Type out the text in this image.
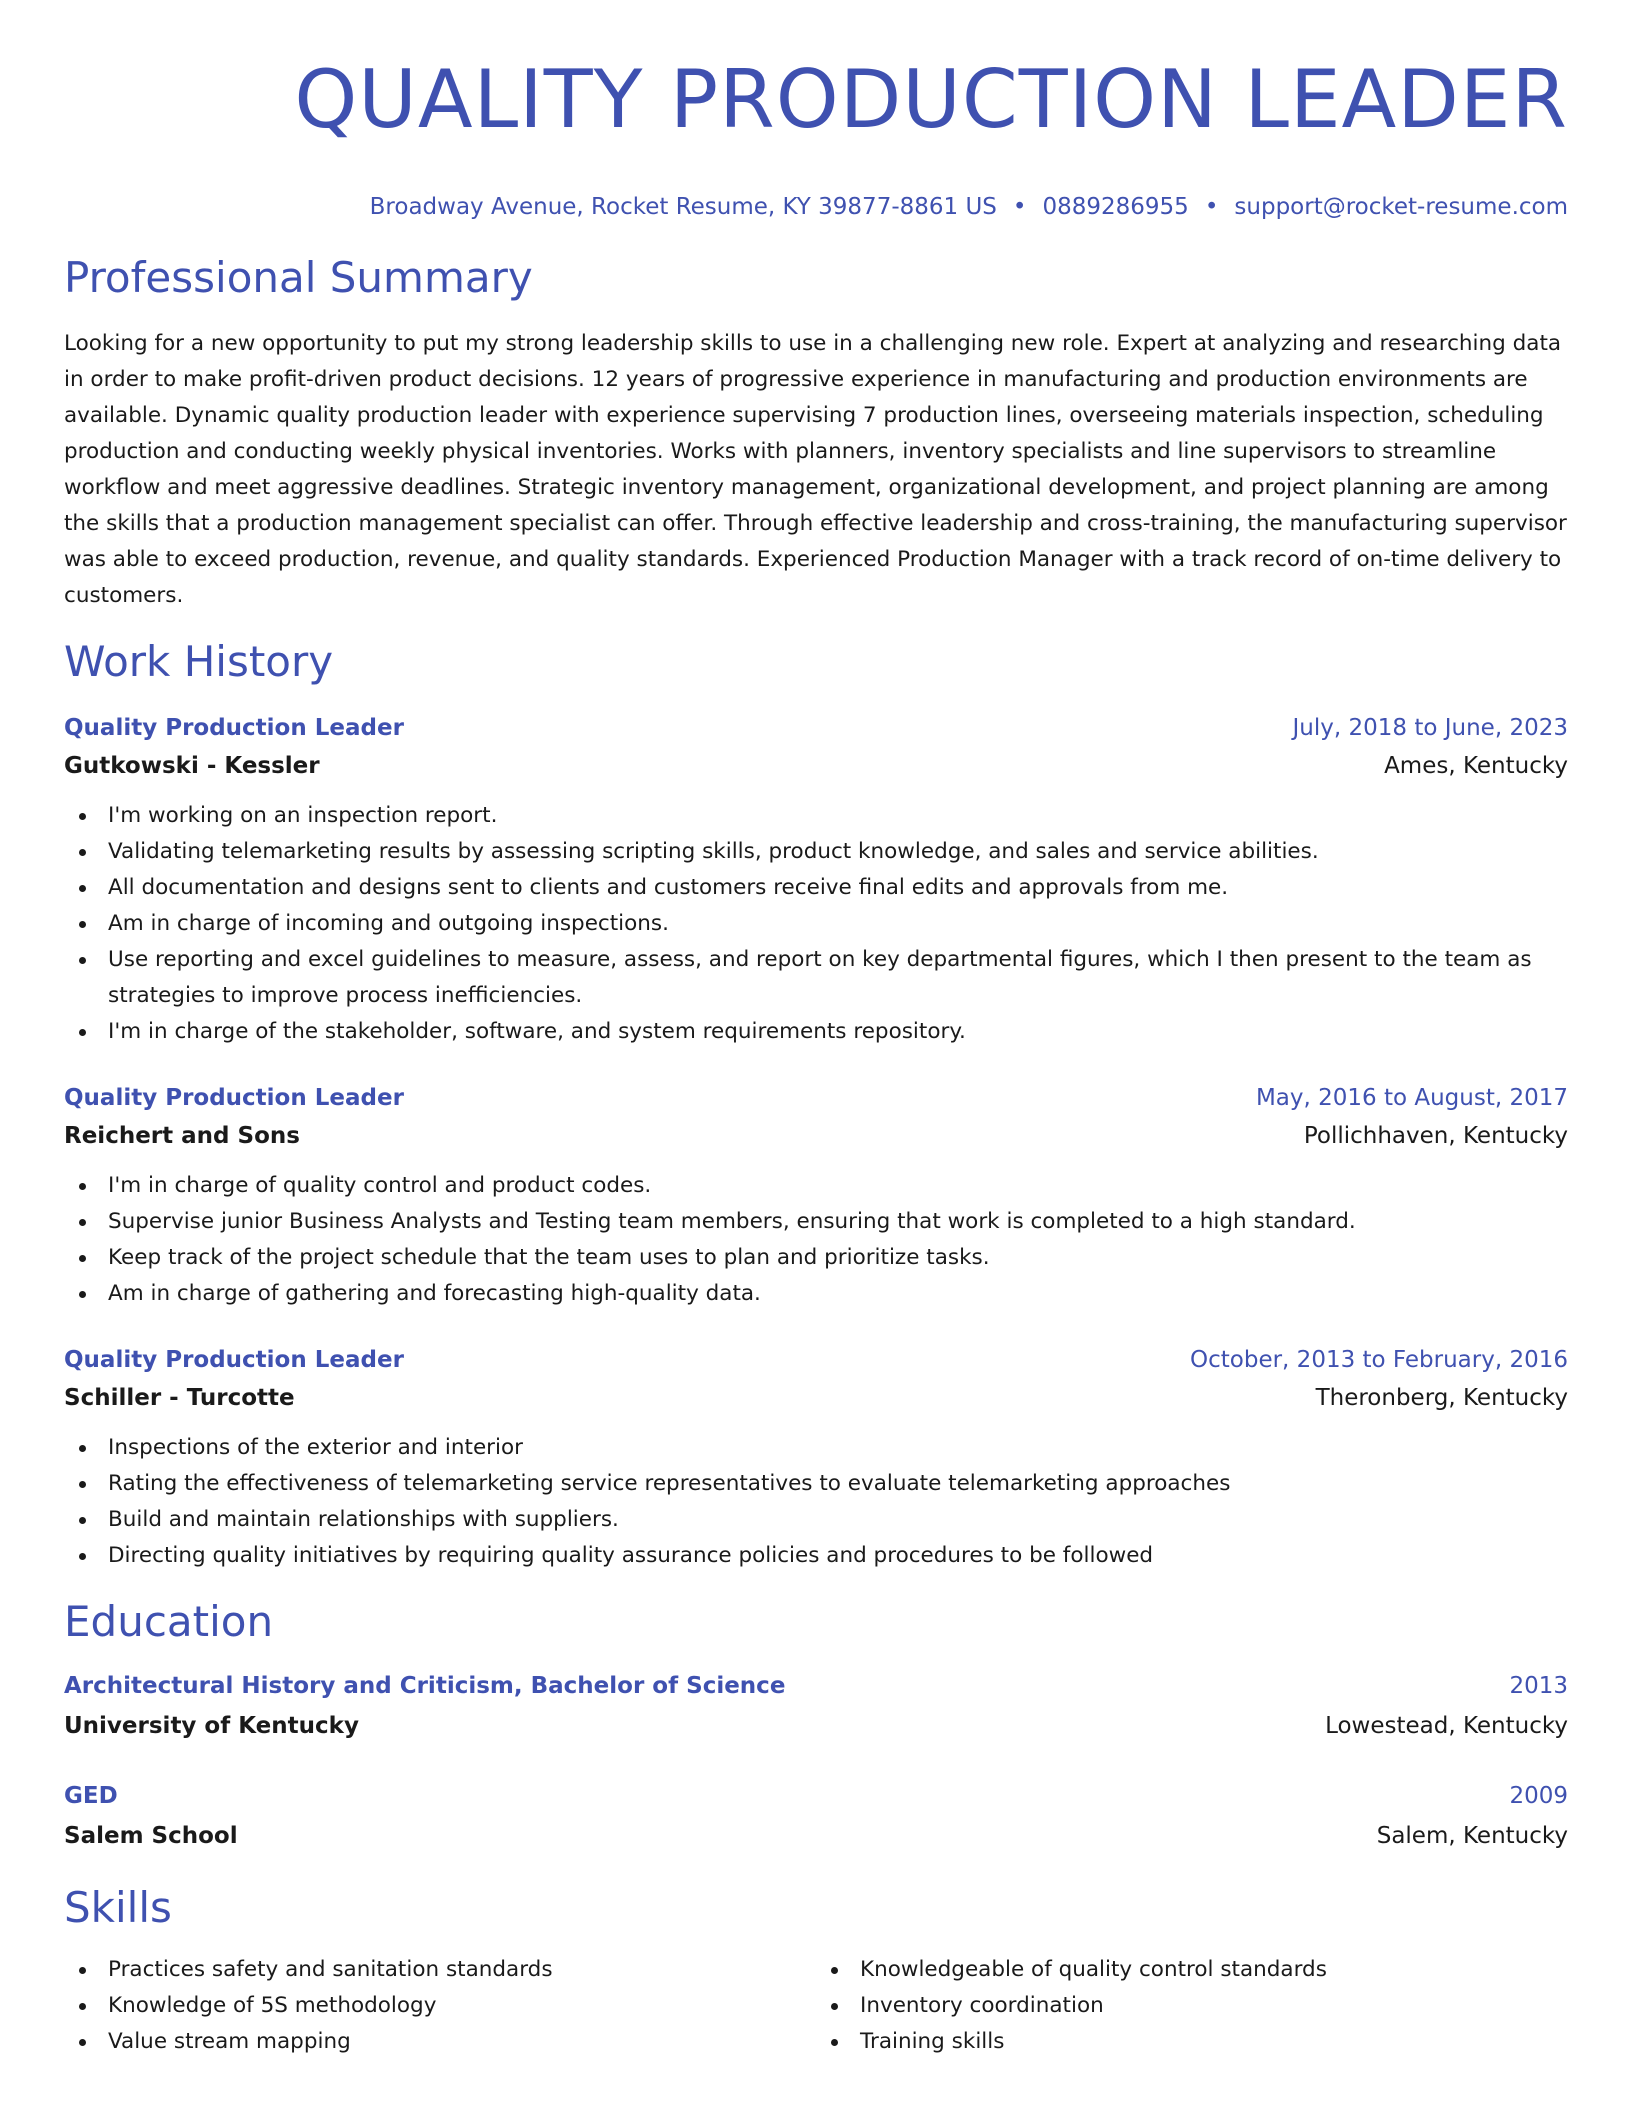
QUALITY PRODUCTION LEADER
Broadway Avenue, Rocket Resume, KY 39877-8861 US • 0889286955 • support@rocket-resume.com
Professional Summary

Looking for a new opportunity to put my strong leadership skills to use in a challenging new role. Expert at analyzing and researching data in order to make profit-driven product decisions. 12 years of progressive experience in manufacturing and production environments are available. Dynamic quality production leader with experience supervising 7 production lines, overseeing materials inspection, scheduling production and conducting weekly physical inventories. Works with planners, inventory specialists and line supervisors to streamline workflow and meet aggressive deadlines. Strategic inventory management, organizational development, and project planning are among the skills that a production management specialist can offer. Through effective leadership and cross-training, the manufacturing supervisor was able to exceed production, revenue, and quality standards. Experienced Production Manager with a track record of on-time delivery to customers.

Work History
Quality Production Leader	July, 2018 to June, 2023
Gutkowski - Kessler	Ames, Kentucky
I'm working on an inspection report.
Validating telemarketing results by assessing scripting skills, product knowledge, and sales and service abilities.
All documentation and designs sent to clients and customers receive final edits and approvals from me.
Am in charge of incoming and outgoing inspections.
Use reporting and excel guidelines to measure, assess, and report on key departmental figures, which I then present to the team as strategies to improve process inefficiencies.
I'm in charge of the stakeholder, software, and system requirements repository.
Quality Production Leader	May, 2016 to August, 2017
Reichert and Sons	Pollichhaven, Kentucky
I'm in charge of quality control and product codes.
Supervise junior Business Analysts and Testing team members, ensuring that work is completed to a high standard.
Keep track of the project schedule that the team uses to plan and prioritize tasks.
Am in charge of gathering and forecasting high-quality data.
Quality Production Leader	October, 2013 to February, 2016
Schiller - Turcotte	Theronberg, Kentucky
Inspections of the exterior and interior
Rating the effectiveness of telemarketing service representatives to evaluate telemarketing approaches
Build and maintain relationships with suppliers.
Directing quality initiatives by requiring quality assurance policies and procedures to be followed
Education
Architectural History and Criticism, Bachelor of Science	2013
University of Kentucky	Lowestead, Kentucky
GED	2009
Salem School	Salem, Kentucky
Skills
Practices safety and sanitation standards
Knowledge of 5S methodology
Value stream mapping
Knowledgeable of quality control standards
Inventory coordination
Training skills
